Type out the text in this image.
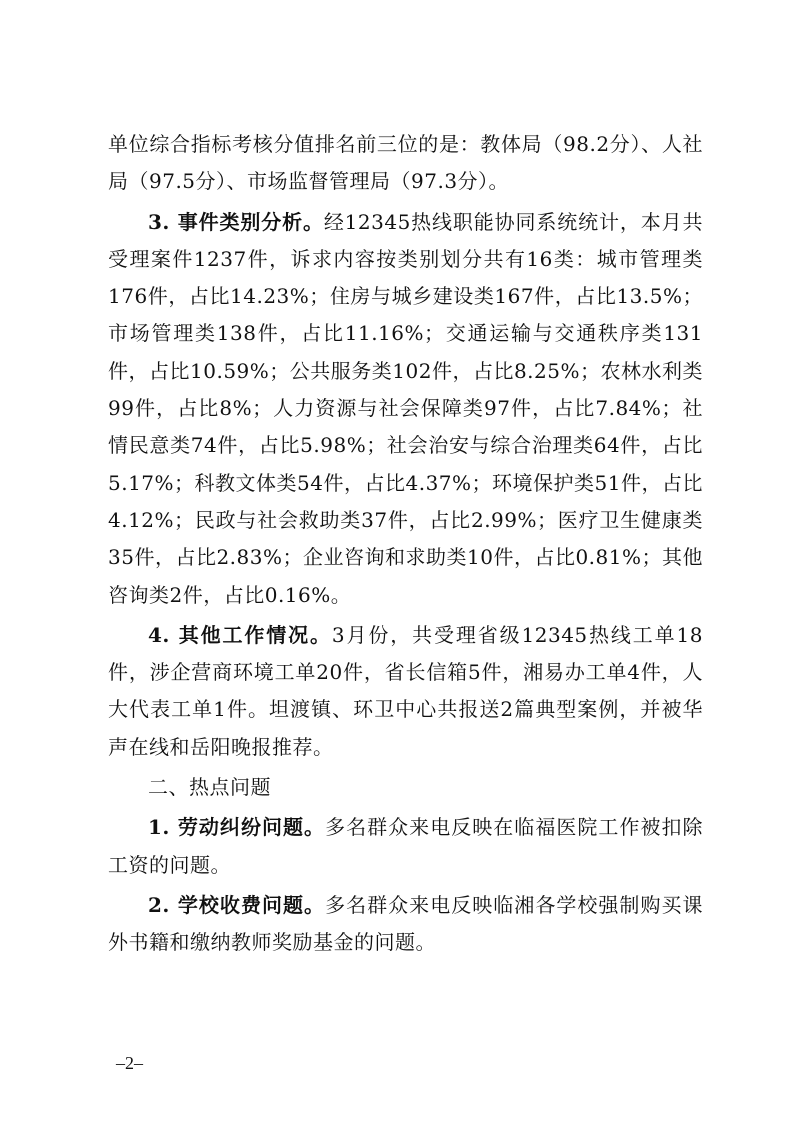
单位综合指标考核分值排名前三位的是：教体局（98.2分）、人社局（97.5分）、市场监督管理局（97.3分）。

3. 事件类别分析。经12345热线职能协同系统统计，本月共受理案件1237件，诉求内容按类别划分共有16类：城市管理类176件，占比14.23%；住房与城乡建设类167件，占比13.5%；市场管理类138件，占比11.16%；交通运输与交通秩序类131件，占比10.59%；公共服务类102件，占比8.25%；农林水利类99件，占比8%；人力资源与社会保障类97件，占比7.84%；社情民意类74件，占比5.98%；社会治安与综合治理类64件，占比5.17%；科教文体类54件，占比4.37%；环境保护类51件，占比4.12%；民政与社会救助类37件，占比2.99%；医疗卫生健康类35件，占比2.83%；企业咨询和求助类10件，占比0.81%；其他咨询类2件，占比0.16%。

4. 其他工作情况。3月份，共受理省级12345热线工单18件，涉企营商环境工单20件，省长信箱5件，湘易办工单4件，人大代表工单1件。坦渡镇、环卫中心共报送2篇典型案例，并被华声在线和岳阳晚报推荐。

二、热点问题

1. 劳动纠纷问题。多名群众来电反映在临福医院工作被扣除工资的问题。

2. 学校收费问题。多名群众来电反映临湘各学校强制购买课外书籍和缴纳教师奖励基金的问题。

–2–
